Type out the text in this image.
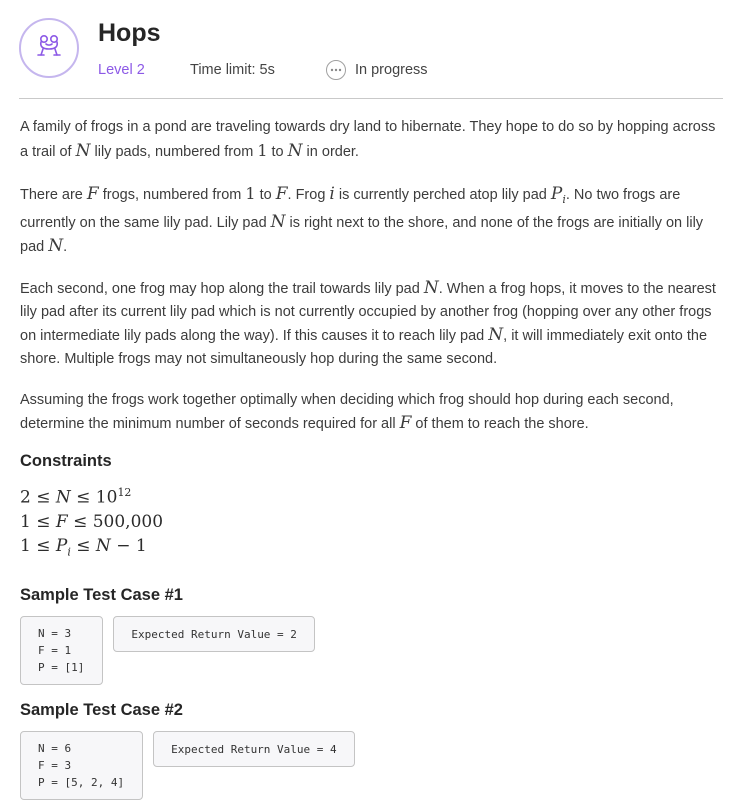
Hops
Level 2	Time limit: 5s	In progress

A family of frogs in a pond are traveling towards dry land to hibernate. They hope to do so by hopping across a trail of N lily pads, numbered from 1 to N in order.

There are F frogs, numbered from 1 to F. Frog i is currently perched atop lily pad $P_i$. No two frogs are currently on the same lily pad. Lily pad N is right next to the shore, and none of the frogs are initially on lily pad N.

Each second, one frog may hop along the trail towards lily pad N. When a frog hops, it moves to the nearest lily pad after its current lily pad which is not currently occupied by another frog (hopping over any other frogs on intermediate lily pads along the way). If this causes it to reach lily pad N, it will immediately exit onto the shore. Multiple frogs may not simultaneously hop during the same second.

Assuming the frogs work together optimally when deciding which frog should hop during each second, determine the minimum number of seconds required for all F of them to reach the shore.

Constraints
$2 \le N \le 10^{12}$
1 ≤ F ≤ 500,000
$1 \le P_i \le N - 1$
Sample Test Case #1
N = 3
F = 1
P = [1]
Expected Return Value = 2
Sample Test Case #2
N = 6
F = 3
P = [5, 2, 4]
Expected Return Value = 4
